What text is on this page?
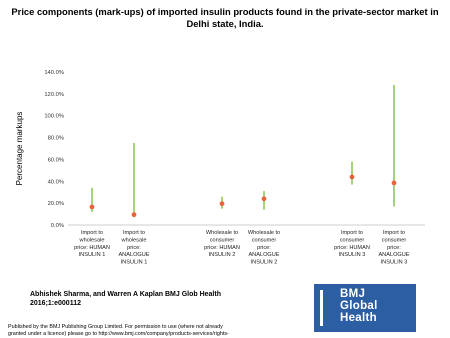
Price components (mark-ups) of imported insulin products found in the private-sector market in Delhi state, India.
Percentage markups
0.0%
20.0%
40.0%
60.0%
80.0%
100.0%
120.0%
140.0%
Import to wholesale price: HUMAN INSULIN 1
Import to wholesale price: ANALOGUE INSULIN 1
Wholesale to consumer price: HUMAN INSULIN 2
Wholesale to consumer price: ANALOGUE INSULIN 2
Import to consumer price: HUMAN INSULIN 3
Import to consumer price: ANALOGUE INSULIN 3
Abhishek Sharma, and Warren A Kaplan BMJ Glob Health
2016;1:e000112
BMJ
Global
Health
Published by the BMJ Publishing Group Limited. For permission to use (where not already
granted under a licence) please go to http://www.bmj.com/company/products-services/rights-
